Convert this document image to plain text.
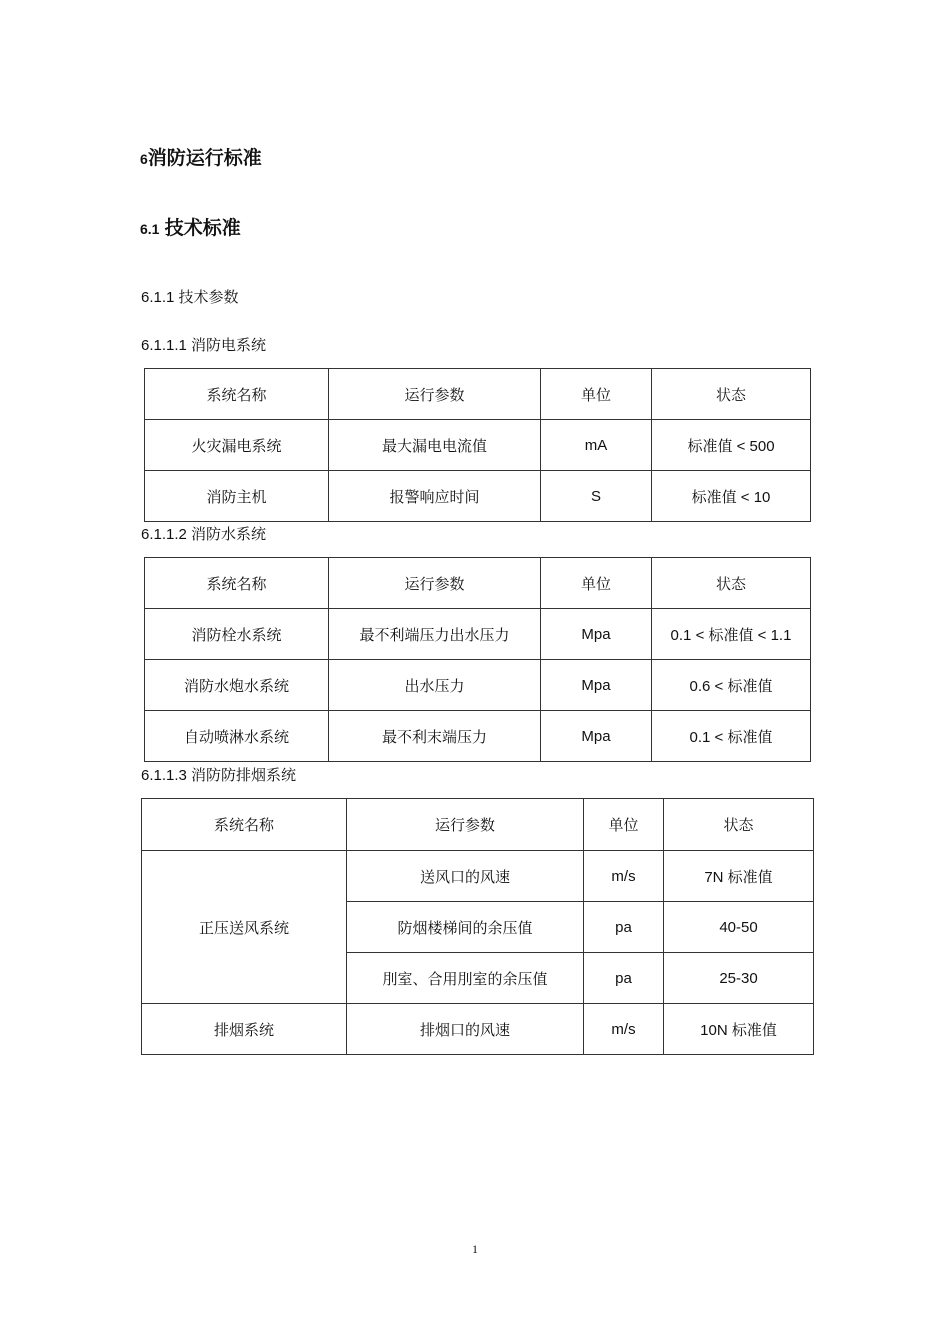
6消防运行标准
6.1 技术标准
6.1.1 技术参数
6.1.1.1 消防电系统
系统名称	运行参数	单位	状态
火灾漏电系统	最大漏电电流值	mA	标准值 < 500
消防主机	报警响应时间	S	标准值 < 10
6.1.1.2 消防水系统
系统名称	运行参数	单位	状态
消防栓水系统	最不利端压力出水压力	Mpa	0.1 < 标准值 < 1.1
消防水炮水系统	出水压力	Mpa	0.6 < 标准值
自动喷淋水系统	最不利末端压力	Mpa	0.1 < 标准值
6.1.1.3 消防防排烟系统
系统名称	运行参数	单位	状态
正压送风系统	送风口的风速	m/s	7N 标准值
	防烟楼梯间的余压值	pa	40-50
	刖室、合用刖室的余压值	pa	25-30
排烟系统	排烟口的风速	m/s	10N 标准值
1
